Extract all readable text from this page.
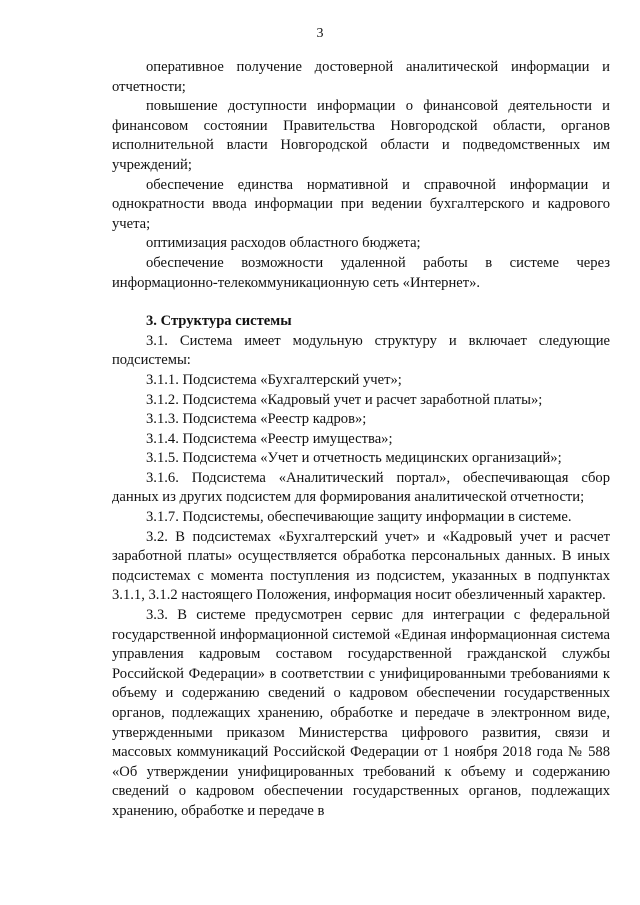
3

оперативное получение достоверной аналитической информации и отчетности;

повышение доступности информации о финансовой деятельности и финансовом состоянии Правительства Новгородской области, органов исполнительной власти Новгородской области и подведомственных им учреждений;

обеспечение единства нормативной и справочной информации и однократности ввода информации при ведении бухгалтерского и кадрового учета;

оптимизация расходов областного бюджета;

обеспечение возможности удаленной работы в системе через информационно-телекоммуникационную сеть «Интернет».

3. Структура системы

3.1. Система имеет модульную структуру и включает следующие подсистемы:

3.1.1. Подсистема «Бухгалтерский учет»;

3.1.2. Подсистема «Кадровый учет и расчет заработной платы»;

3.1.3. Подсистема «Реестр кадров»;

3.1.4. Подсистема «Реестр имущества»;

3.1.5. Подсистема «Учет и отчетность медицинских организаций»;

3.1.6. Подсистема «Аналитический портал», обеспечивающая сбор данных из других подсистем для формирования аналитической отчетности;

3.1.7. Подсистемы, обеспечивающие защиту информации в системе.

3.2. В подсистемах «Бухгалтерский учет» и «Кадровый учет и расчет заработной платы» осуществляется обработка персональных данных. В иных подсистемах с момента поступления из подсистем, указанных в подпунктах 3.1.1, 3.1.2 настоящего Положения, информация носит обезличенный характер.

3.3. В системе предусмотрен сервис для интеграции с федеральной государственной информационной системой «Единая информационная система управления кадровым составом государственной гражданской службы Российской Федерации» в соответствии с унифицированными требованиями к объему и содержанию сведений о кадровом обеспечении государственных органов, подлежащих хранению, обработке и передаче в электронном виде, утвержденными приказом Министерства цифрового развития, связи и массовых коммуникаций Российской Федерации от 1 ноября 2018 года № 588 «Об утверждении унифицированных требований к объему и содержанию сведений о кадровом обеспечении государственных органов, подлежащих хранению, обработке и передаче в
